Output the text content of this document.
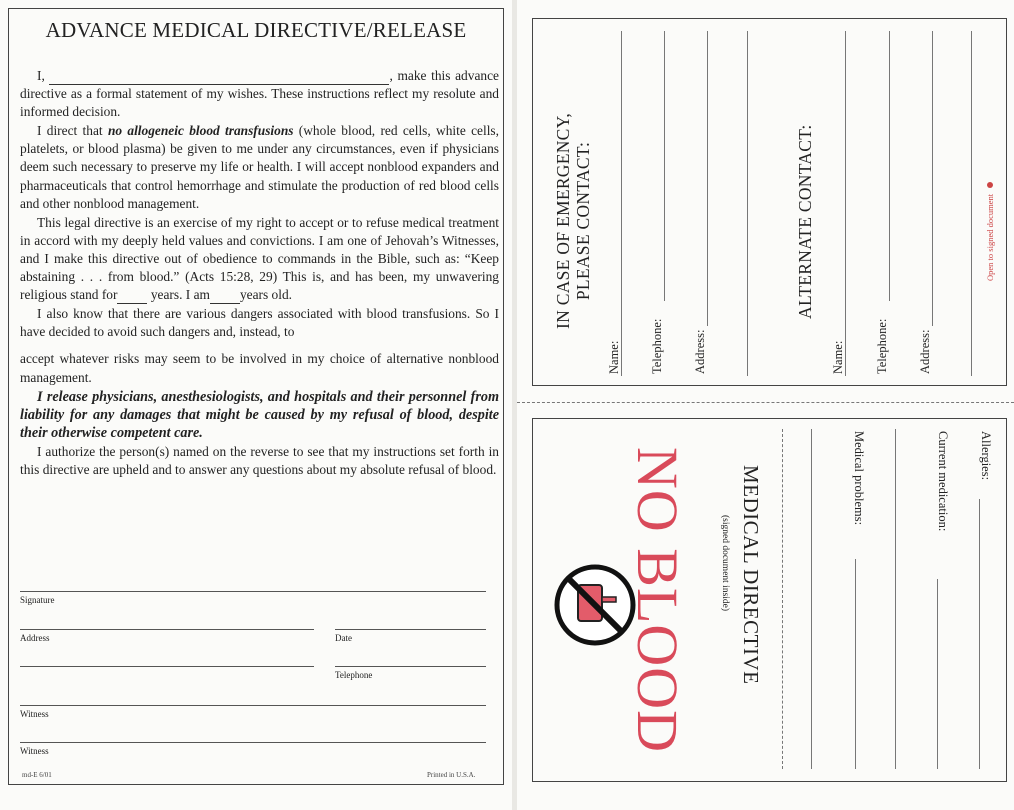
ADVANCE MEDICAL DIRECTIVE/RELEASE

I,	, make this advance directive as a formal statement of my wishes. These instructions reflect my resolute and informed decision.

I direct that no allogeneic blood transfusions (whole blood, red cells, white cells, platelets, or blood plasma) be given to me under any circumstances, even if physicians deem such necessary to preserve my life or health. I will accept nonblood expanders and pharmaceuticals that control hemorrhage and stimulate the production of red blood cells and other nonblood management.

This legal directive is an exercise of my right to accept or to refuse medical treatment in accord with my deeply held values and convictions. I am one of Jehovah’s Witnesses, and I make this directive out of obedience to commands in the Bible, such as: “Keep abstaining . . . from blood.” (Acts 15:28, 29) This is, and has been, my unwavering religious stand for years. I am years old.

I also know that there are various dangers associated with blood transfusions. So I have decided to avoid such dangers and, instead, to

accept whatever risks may seem to be involved in my choice of alternative nonblood management.

I release physicians, anesthesiologists, and hospitals and their personnel from liability for any damages that might be caused by my refusal of blood, despite their otherwise competent care.

I authorize the person(s) named on the reverse to see that my instructions set forth in this directive are upheld and to answer any questions about my absolute refusal of blood.

Signature
Address	Date
Telephone
Witness
Witness
md-E 6/01	Printed in U.S.A.
IN CASE OF EMERGENCY, PLEASE CONTACT:
Name: Telephone: Address:
ALTERNATE CONTACT:
Name: Telephone: Address:
Open to signed document
NO BLOOD MEDICAL DIRECTIVE
(signed document inside)
Medical problems:	Current medication: Allergies:
